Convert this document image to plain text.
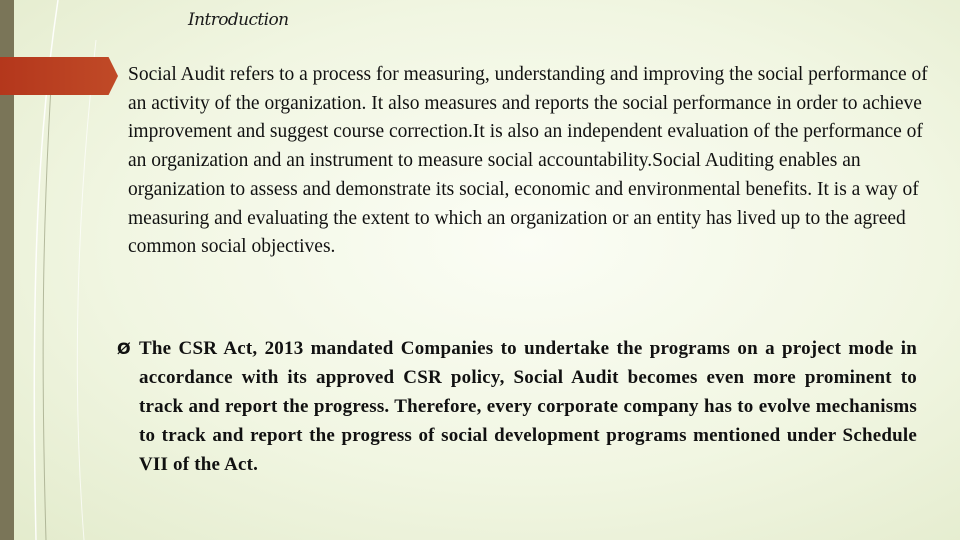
Introduction

Social Audit refers to a process for measuring, understanding and improving the social performance of an activity of the organization. It also measures and reports the social performance in order to achieve improvement and suggest course correction.It is also an independent evaluation of the performance of an organization and an instrument to measure social accountability.Social Auditing enables an organization to assess and demonstrate its social, economic and environmental benefits. It is a way of measuring and evaluating the extent to which an organization or an entity has lived up to the agreed common social objectives.

Ø The CSR Act, 2013 mandated Companies to undertake the programs on a project mode in accordance with its approved CSR policy, Social Audit becomes even more prominent to track and report the progress. Therefore, every corporate company has to evolve mechanisms to track and report the progress of social development programs mentioned under Schedule VII of the Act.
